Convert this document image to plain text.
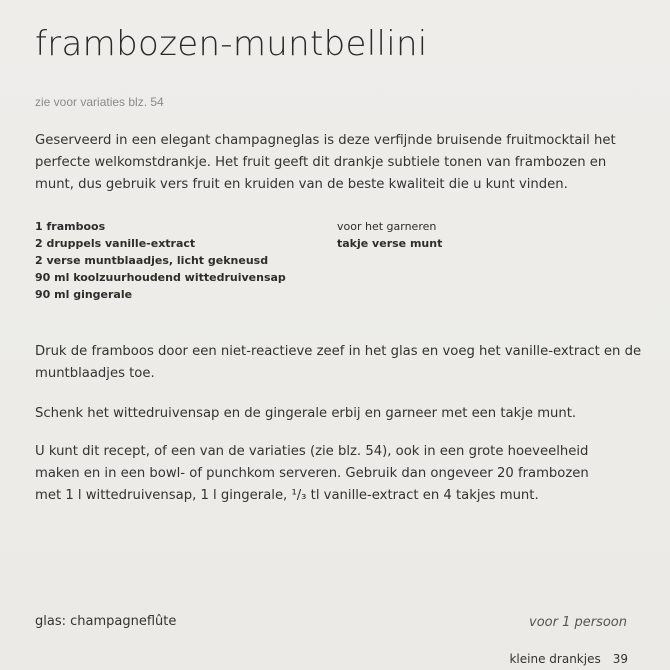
frambozen-muntbellini
zie voor variaties blz. 54
Geserveerd in een elegant champagneglas is deze verfijnde bruisende fruitmocktail het
perfecte welkomstdrankje. Het fruit geeft dit drankje subtiele tonen van frambozen en
munt, dus gebruik vers fruit en kruiden van de beste kwaliteit die u kunt vinden.
1 framboos
2 druppels vanille-extract
2 verse muntblaadjes, licht gekneusd
90 ml koolzuurhoudend wittedruivensap
90 ml gingerale
voor het garneren
takje verse munt
Druk de framboos door een niet-reactieve zeef in het glas en voeg het vanille-extract en de
muntblaadjes toe.
Schenk het wittedruivensap en de gingerale erbij en garneer met een takje munt.
U kunt dit recept, of een van de variaties (zie blz. 54), ook in een grote hoeveelheid
maken en in een bowl- of punchkom serveren. Gebruik dan ongeveer 20 frambozen
met 1 l wittedruivensap, 1 l gingerale, ¹/₃ tl vanille-extract en 4 takjes munt.
glas: champagneflûte	voor 1 persoon
kleine drankjes 39
